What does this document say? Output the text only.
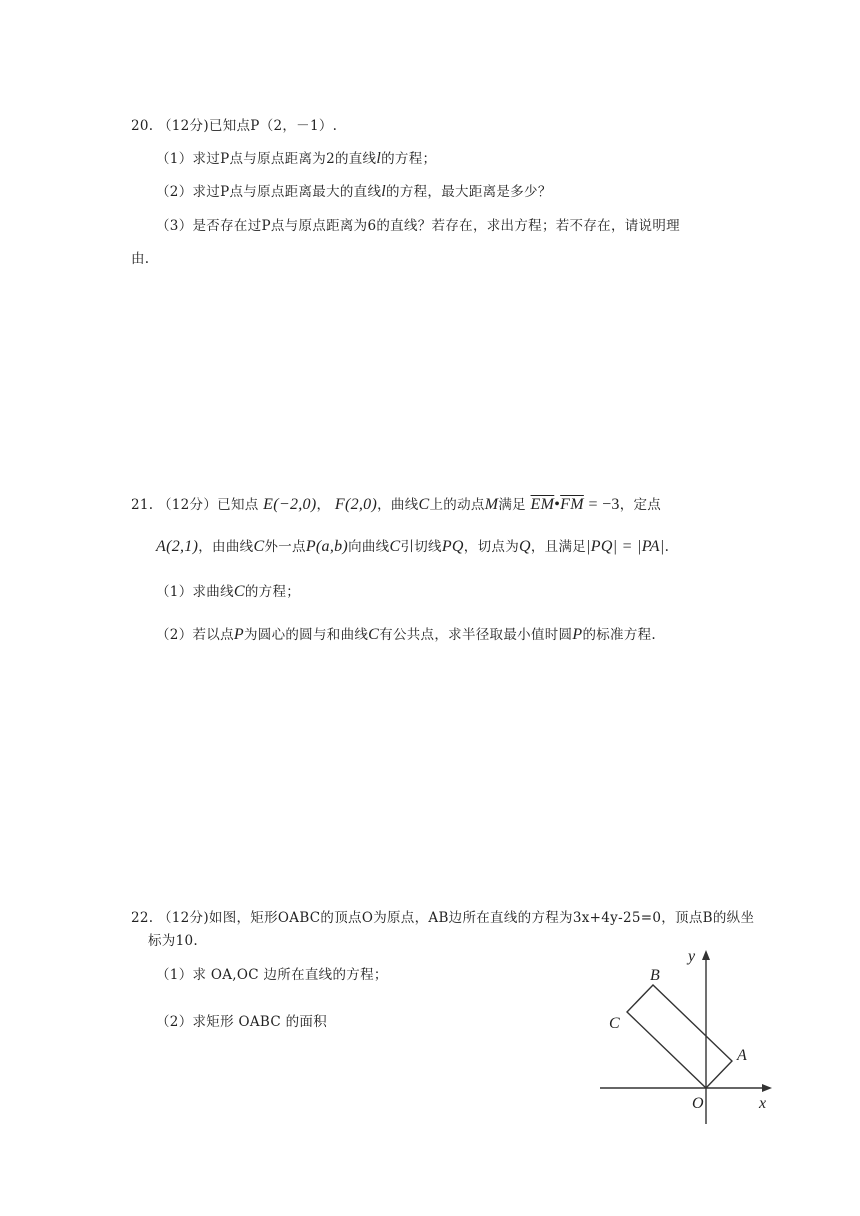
20. （12分)已知点P（2，－1）.
（1）求过P点与原点距离为2的直线l的方程；
（2）求过P点与原点距离最大的直线l的方程，最大距离是多少？
（3）是否存在过P点与原点距离为6的直线？若存在，求出方程；若不存在，请说明理
由.
21. （12分）已知点 E(−2,0)， F(2,0)，曲线C上的动点M满足 $\overline{EM}•\overline{FM} = -3$，定点
A(2,1)，由曲线C外一点P(a,b)向曲线C引切线PQ，切点为Q，且满足|PQ| = |PA|.
（1）求曲线C的方程；
（2）若以点P为圆心的圆与和曲线C有公共点，求半径取最小值时圆P的标准方程.
22. （12分)如图，矩形OABC的顶点O为原点，AB边所在直线的方程为3x+4y-25=0，顶点B的纵坐
标为10.
（1）求 OA,OC 边所在直线的方程；
（2）求矩形 OABC 的面积
y
x
O
A
B
C
